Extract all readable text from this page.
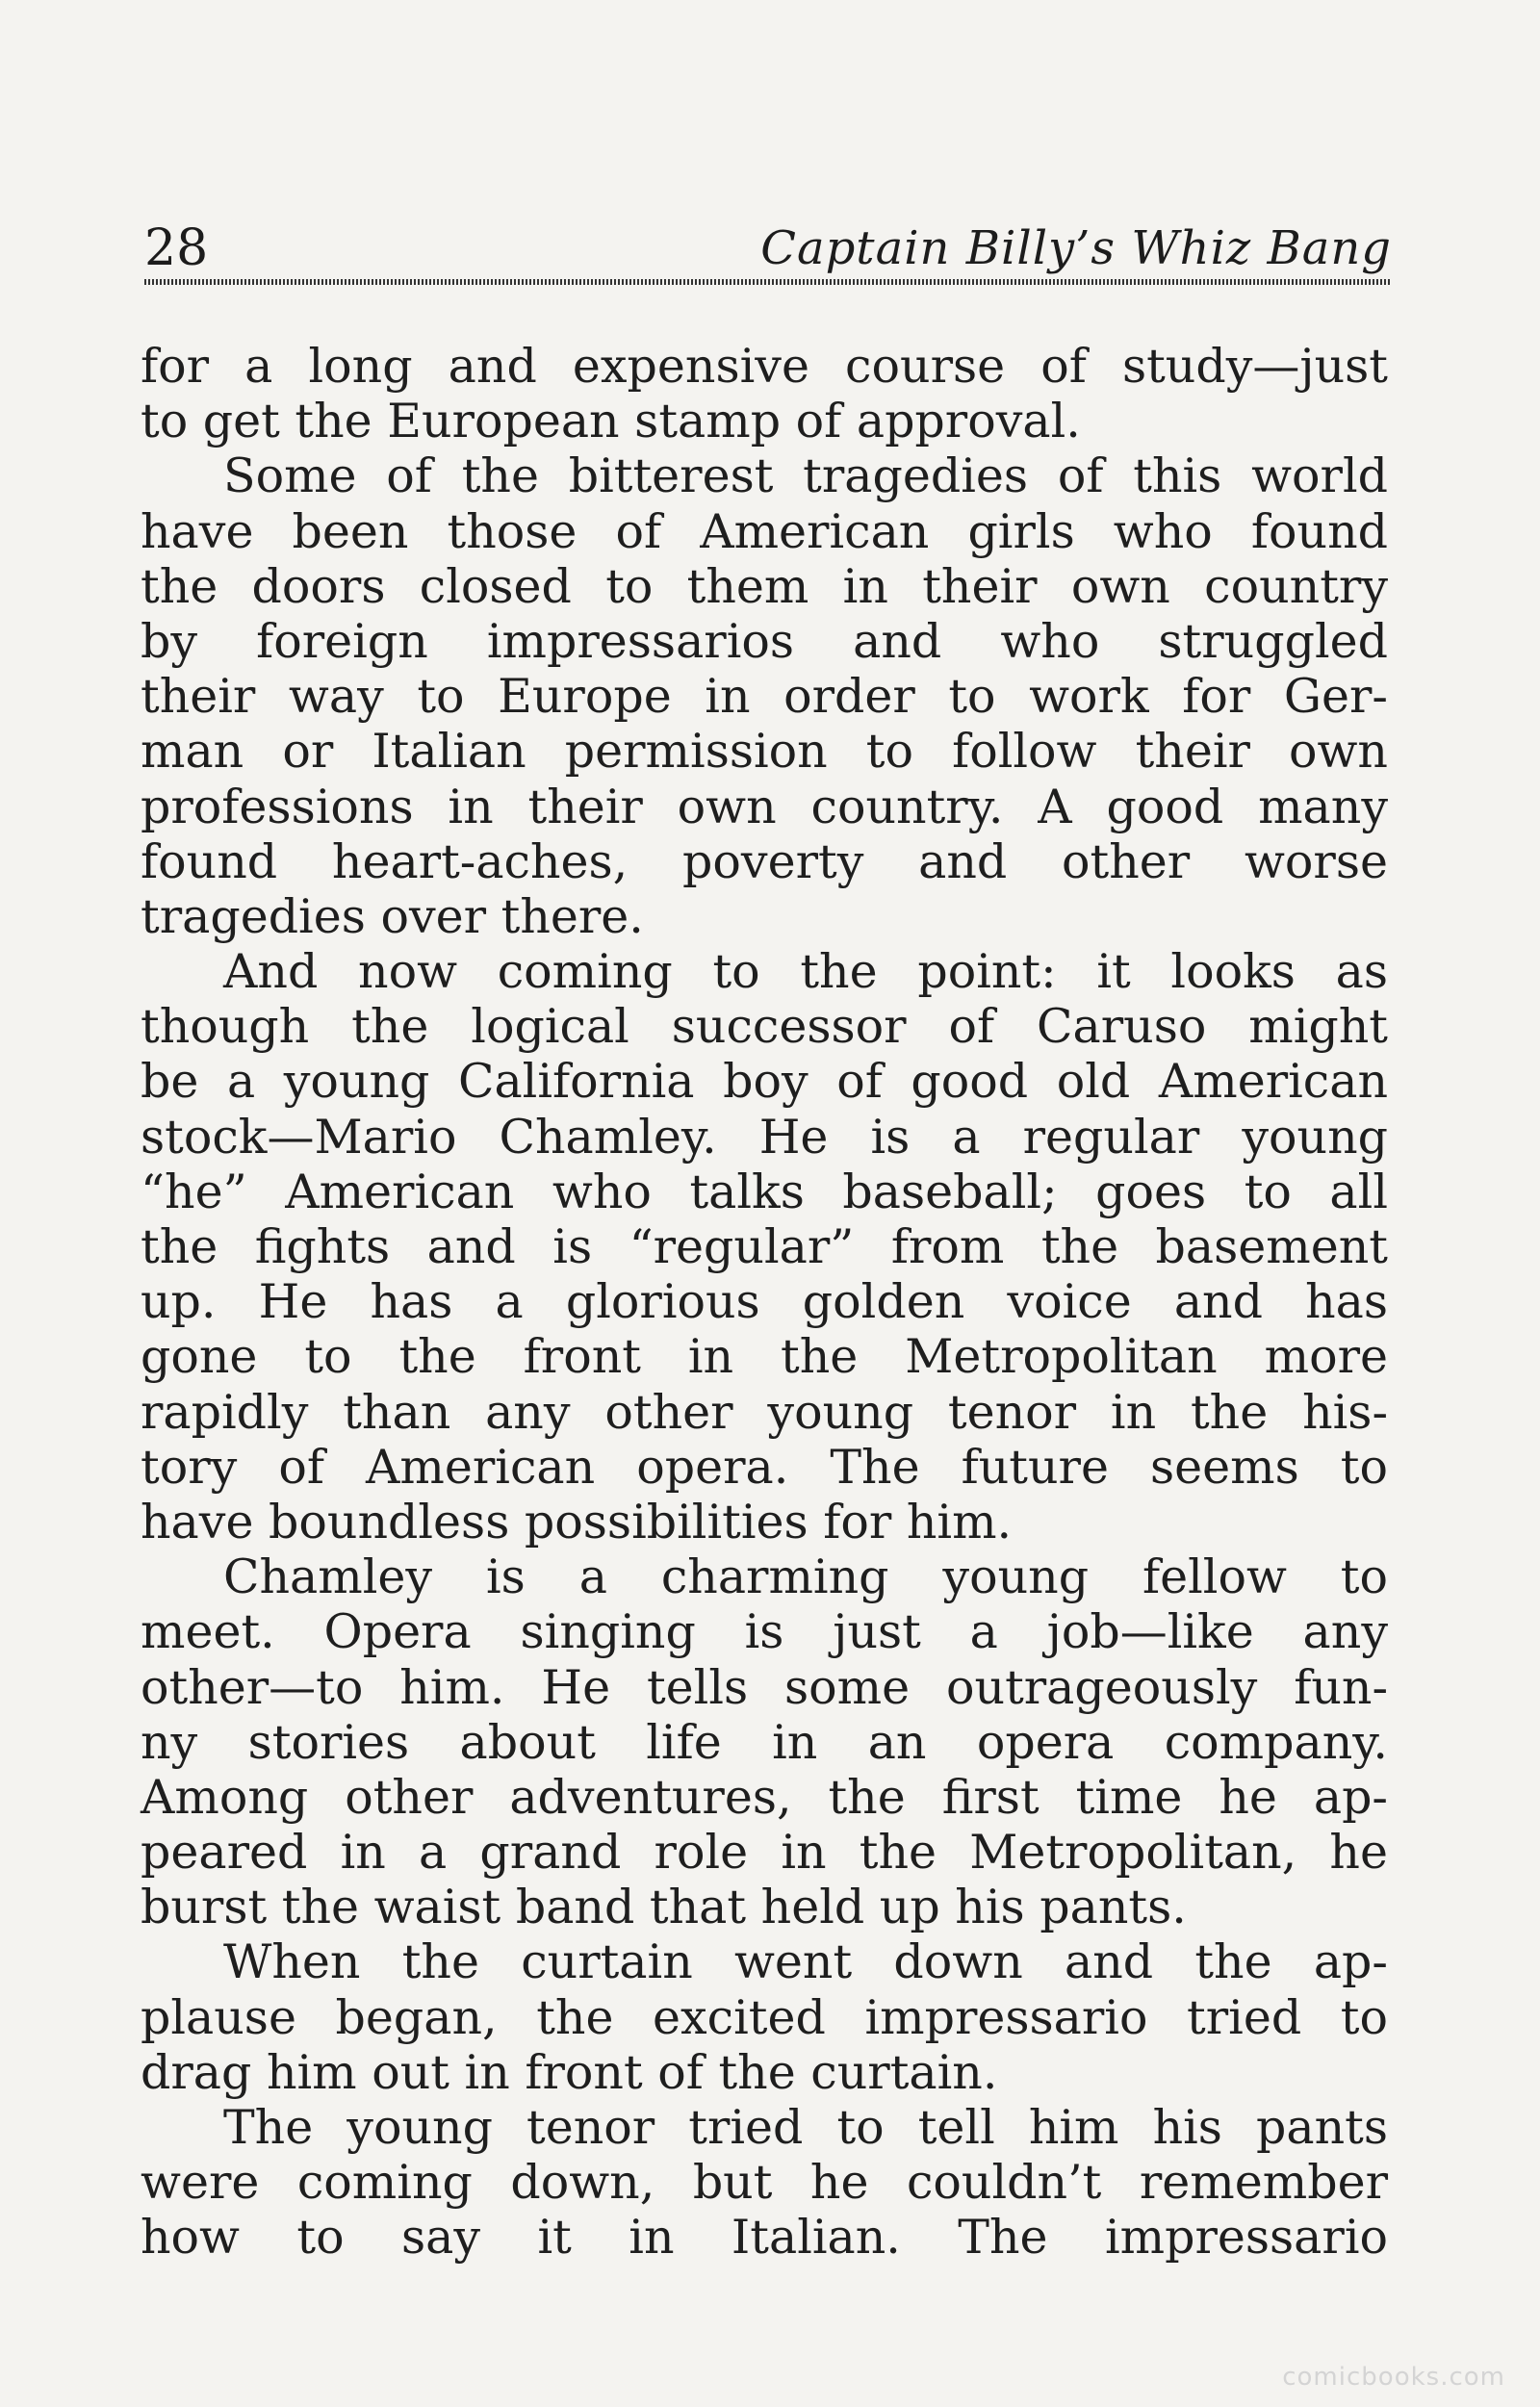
28	Captain Billy’s Whiz Bang
for a long and expensive course of study—just
to get the European stamp of approval.
Some of the bitterest tragedies of this world
have been those of American girls who found
the doors closed to them in their own country
by foreign impressarios and who struggled
their way to Europe in order to work for Ger-
man or Italian permission to follow their own
professions in their own country. A good many
found heart-aches, poverty and other worse
tragedies over there.
And now coming to the point: it looks as
though the logical successor of Caruso might
be a young California boy of good old American
stock—Mario Chamley. He is a regular young
“he” American who talks baseball; goes to all
the fights and is “regular” from the basement
up. He has a glorious golden voice and has
gone to the front in the Metropolitan more
rapidly than any other young tenor in the his-
tory of American opera. The future seems to
have boundless possibilities for him.
Chamley is a charming young fellow to
meet. Opera singing is just a job—like any
other—to him. He tells some outrageously fun-
ny stories about life in an opera company.
Among other adventures, the first time he ap-
peared in a grand role in the Metropolitan, he
burst the waist band that held up his pants.
When the curtain went down and the ap-
plause began, the excited impressario tried to
drag him out in front of the curtain.
The young tenor tried to tell him his pants
were coming down, but he couldn’t remember
how to say it in Italian. The impressario
comicbooks.com
